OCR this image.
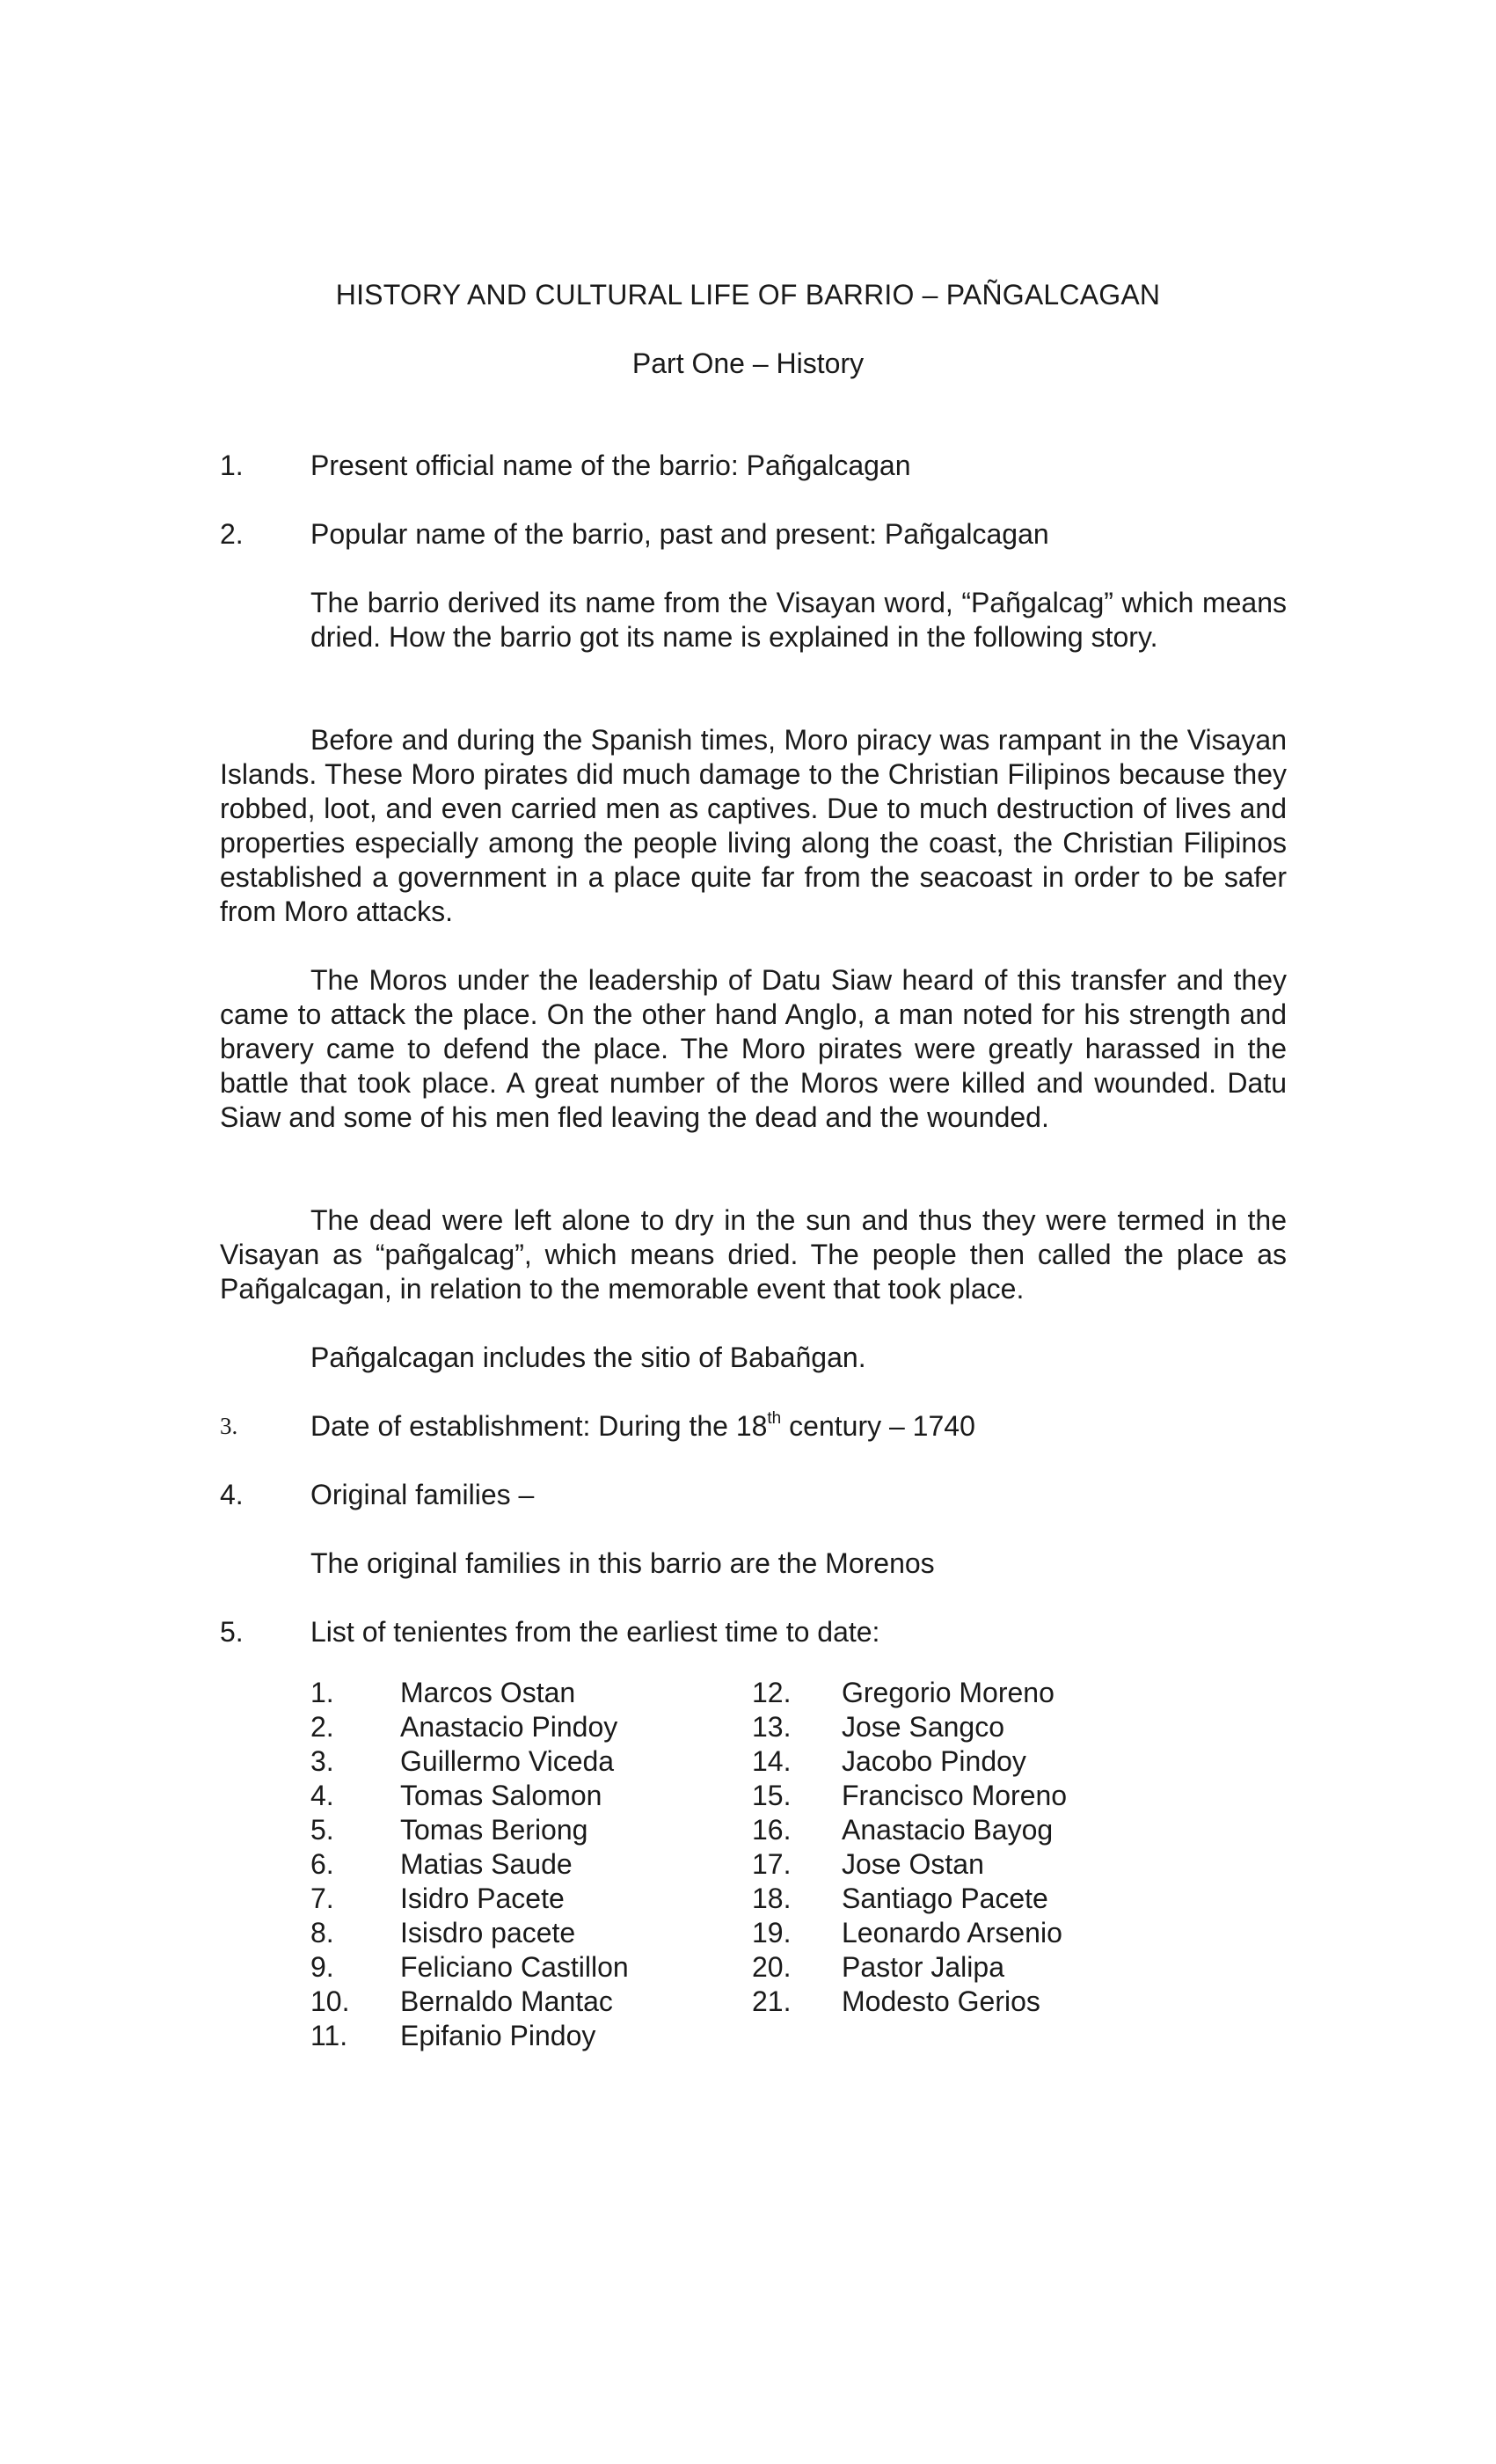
HISTORY AND CULTURAL LIFE OF BARRIO – PAÑGALCAGAN
Part One – History
1. Present official name of the barrio: Pañgalcagan
2. Popular name of the barrio, past and present: Pañgalcagan
The barrio derived its name from the Visayan word, “Pañgalcag” which means dried. How the barrio got its name is explained in the following story.
Before and during the Spanish times, Moro piracy was rampant in the Visayan Islands. These Moro pirates did much damage to the Christian Filipinos because they robbed, loot, and even carried men as captives. Due to much destruction of lives and properties especially among the people living along the coast, the Christian Filipinos established a government in a place quite far from the seacoast in order to be safer from Moro attacks.
The Moros under the leadership of Datu Siaw heard of this transfer and they came to attack the place. On the other hand Anglo, a man noted for his strength and bravery came to defend the place. The Moro pirates were greatly harassed in the battle that took place. A great number of the Moros were killed and wounded. Datu Siaw and some of his men fled leaving the dead and the wounded.
The dead were left alone to dry in the sun and thus they were termed in the Visayan as “pañgalcag”, which means dried. The people then called the place as Pañgalcagan, in relation to the memorable event that took place.
Pañgalcagan includes the sitio of Babañgan.
3.	Date of establishment: During the 18th century – 1740
4. Original families –
The original families in this barrio are the Morenos
5. List of tenientes from the earliest time to date:
1. Marcos Ostan
2. Anastacio Pindoy
3. Guillermo Viceda
4. Tomas Salomon
5. Tomas Beriong
6. Matias Saude
7. Isidro Pacete
8. Isisdro pacete
9. Feliciano Castillon
10. Bernaldo Mantac
11. Epifanio Pindoy
12. Gregorio Moreno
13. Jose Sangco
14. Jacobo Pindoy
15. Francisco Moreno
16. Anastacio Bayog
17. Jose Ostan
18. Santiago Pacete
19. Leonardo Arsenio
20. Pastor Jalipa
21. Modesto Gerios
